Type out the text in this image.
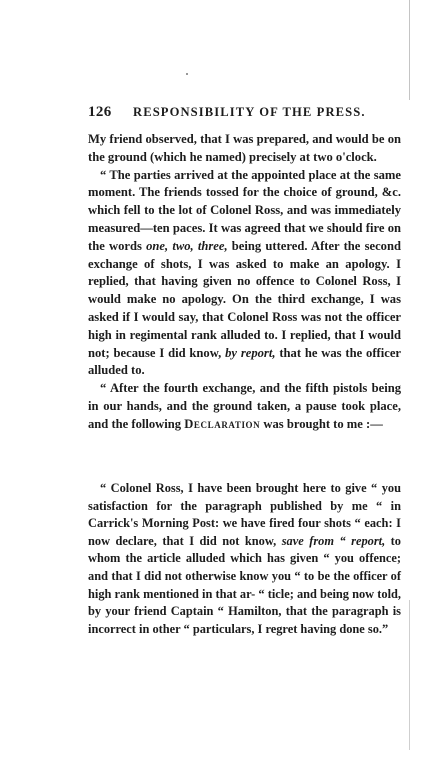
126 RESPONSIBILITY OF THE PRESS.

My friend observed, that I was prepared, and would be on the ground (which he named) precisely at two o'clock.

“ The parties arrived at the appointed place at the same moment. The friends tossed for the choice of ground, &c. which fell to the lot of Colonel Ross, and was immediately measured—ten paces. It was agreed that we should fire on the words one, two, three, being uttered. After the second exchange of shots, I was asked to make an apology. I replied, that having given no offence to Colonel Ross, I would make no apology. On the third exchange, I was asked if I would say, that Colonel Ross was not the officer high in regimental rank alluded to. I replied, that I would not; because I did know, by report, that he was the officer alluded to.

“ After the fourth exchange, and the fifth pistols being in our hands, and the ground taken, a pause took place, and the following Declaration was brought to me :—

“ Colonel Ross, I have been brought here to give “ you satisfaction for the paragraph published by me “ in Carrick's Morning Post: we have fired four shots “ each: I now declare, that I did not know, save from “ report, to whom the article alluded which has given “ you offence; and that I did not otherwise know you “ to be the officer of high rank mentioned in that ar- “ ticle; and being now told, by your friend Captain “ Hamilton, that the paragraph is incorrect in other “ particulars, I regret having done so.”
